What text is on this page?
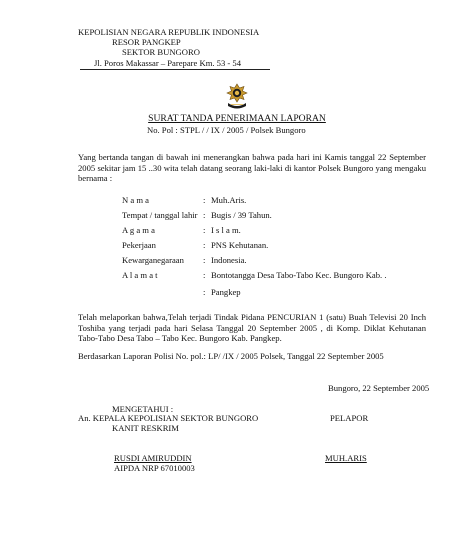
KEPOLISIAN NEGARA REPUBLIK INDONESIA
RESOR PANGKEP
SEKTOR BUNGORO
Jl. Poros Makassar – Parepare Km. 53 - 54
SURAT TANDA PENERIMAAN LAPORAN
No. Pol : STPL / / IX / 2005 / Polsek Bungoro
Yang bertanda tangan di bawah ini menerangkan bahwa pada hari ini Kamis tanggal 22 September 2005 sekitar jam 15 ..30 wita telah datang seorang laki-laki di kantor Polsek Bungoro yang mengaku bernama :
N a m a	: Muh.Aris.
Tempat / tanggal lahir : Bugis / 39 Tahun.
A g a m a	: I s l a m.
Pekerjaan	: PNS Kehutanan.
Kewarganegaraan : Indonesia.
A l a m a t	: Bontotangga Desa Tabo-Tabo Kec. Bungoro Kab. .
: Pangkep
Telah melaporkan bahwa,Telah terjadi Tindak Pidana PENCURIAN 1 (satu) Buah Televisi 20 Inch Toshiba yang terjadi pada hari Selasa Tanggal 20 September 2005 , di Komp. Diklat Kehutanan Tabo-Tabo Desa Tabo – Tabo Kec. Bungoro Kab. Pangkep.
Berdasarkan Laporan Polisi No. pol.: LP/ /IX / 2005 Polsek, Tanggal 22 September 2005
Bungoro, 22 September 2005
MENGETAHUI :
An. KEPALA KEPOLISIAN SEKTOR BUNGORO
KANIT RESKRIM
PELAPOR
RUSDI AMIRUDDIN
AIPDA NRP 67010003
MUH.ARIS
